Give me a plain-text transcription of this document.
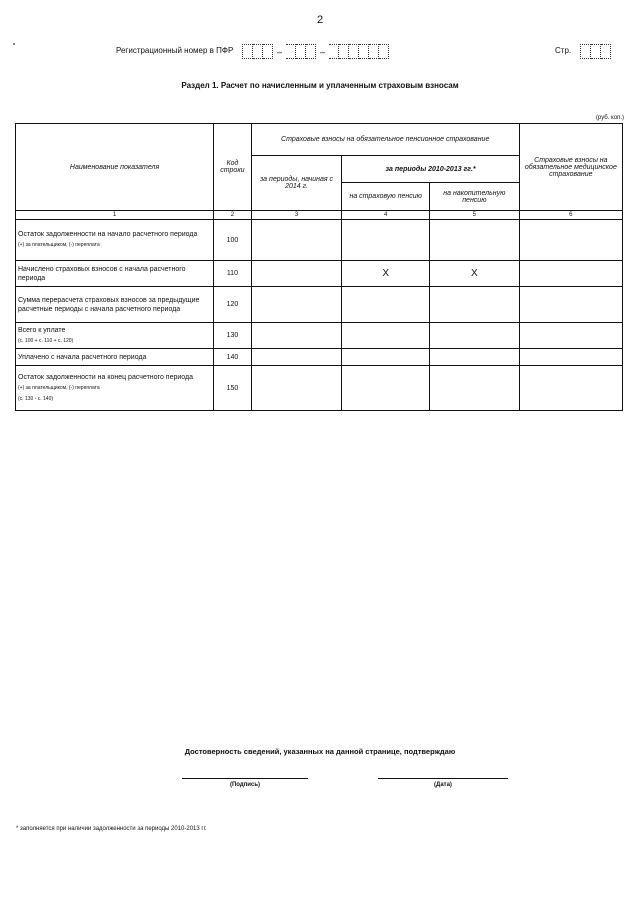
2
Регистрационный номер в ПФР	–	–	Стр.
Раздел 1. Расчет по начисленным и уплаченным страховым взносам
(руб. коп.)
Наименование показателя	Код строки	Страховые взносы на обязательное пенсионное страхование			Страховые взносы на обязательное медицинское страхование
		за периоды, начиная с 2014 г.	за периоды 2010-2013 гг.*		
			на страховую пенсию	на накопительную пенсию	
1	2	3	4	5	6
Остаток задолженности на начало расчетного периода
(+) за плательщиком, (-) переплата	100				
Начислено страховых взносов с начала расчетного периода	110		X	X	
Сумма перерасчета страховых взносов за предыдущие расчетные периоды с начала расчетного периода	120				
Всего к уплате
(с. 100 + с. 110 + с. 120)	130				
Уплачено с начала расчетного периода	140				
Остаток задолженности на конец расчетного периода
(+) за плательщиком, (-) переплата
(с. 130 - с. 140)	150				
Достоверность сведений, указанных на данной странице, подтверждаю
(Подпись)	(Дата)
* заполняется при наличии задолженности за периоды 2010-2013 гг.
